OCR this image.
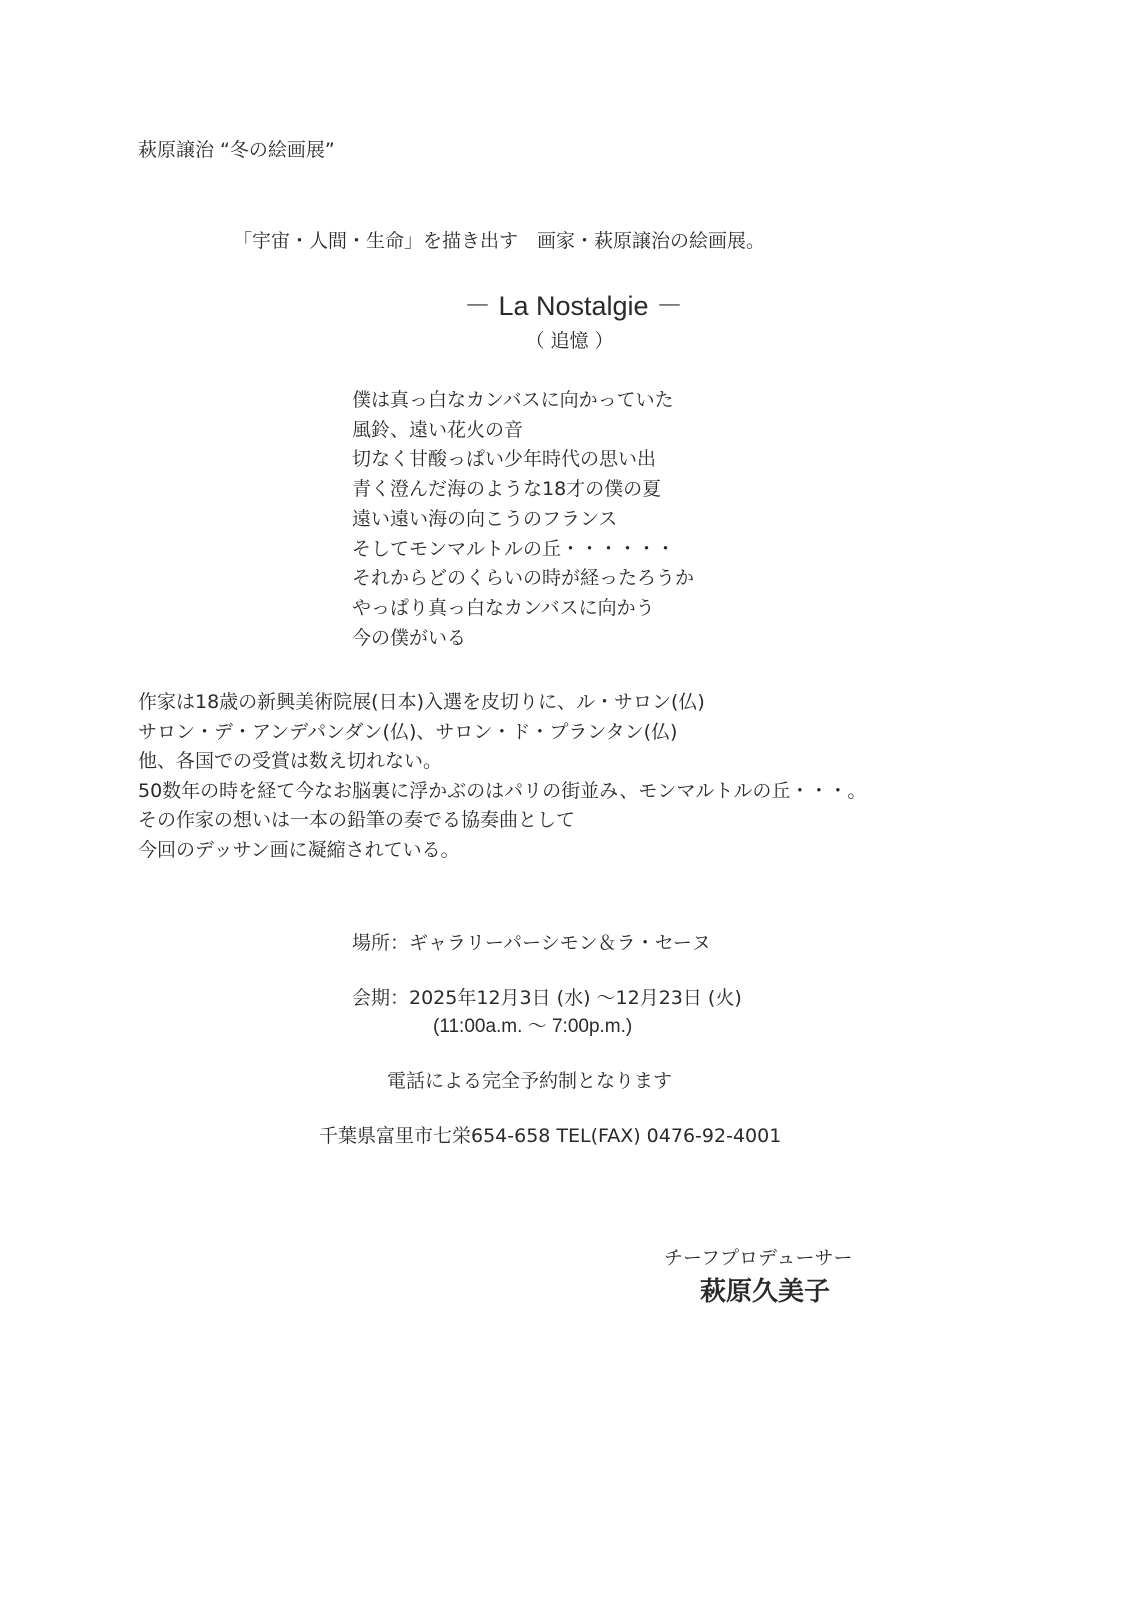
萩原譲治 “冬の絵画展”

「宇宙・人間・生命」を描き出す　画家・萩原譲治の絵画展。

－ La Nostalgie －
（ 追憶 ）
僕は真っ白なカンバスに向かっていた
風鈴、遠い花火の音
切なく甘酸っぱい少年時代の思い出
青く澄んだ海のような18才の僕の夏
遠い遠い海の向こうのフランス
そしてモンマルトルの丘・・・・・・
それからどのくらいの時が経ったろうか
やっぱり真っ白なカンバスに向かう
今の僕がいる
作家は18歳の新興美術院展(日本)入選を皮切りに、ル・サロン(仏)
サロン・デ・アンデパンダン(仏)、サロン・ド・プランタン(仏)
他、各国での受賞は数え切れない。
50数年の時を経て今なお脳裏に浮かぶのはパリの街並み、モンマルトルの丘・・・。
その作家の想いは一本の鉛筆の奏でる協奏曲として
今回のデッサン画に凝縮されている。

場所：ギャラリーパーシモン＆ラ・セーヌ

会期：2025年12月3日 (水) ～12月23日 (火)

(11:00a.m. ～ 7:00p.m.)

電話による完全予約制となります

千葉県富里市七栄654-658 TEL(FAX) 0476-92-4001

チーフプロデューサー

萩原久美子
